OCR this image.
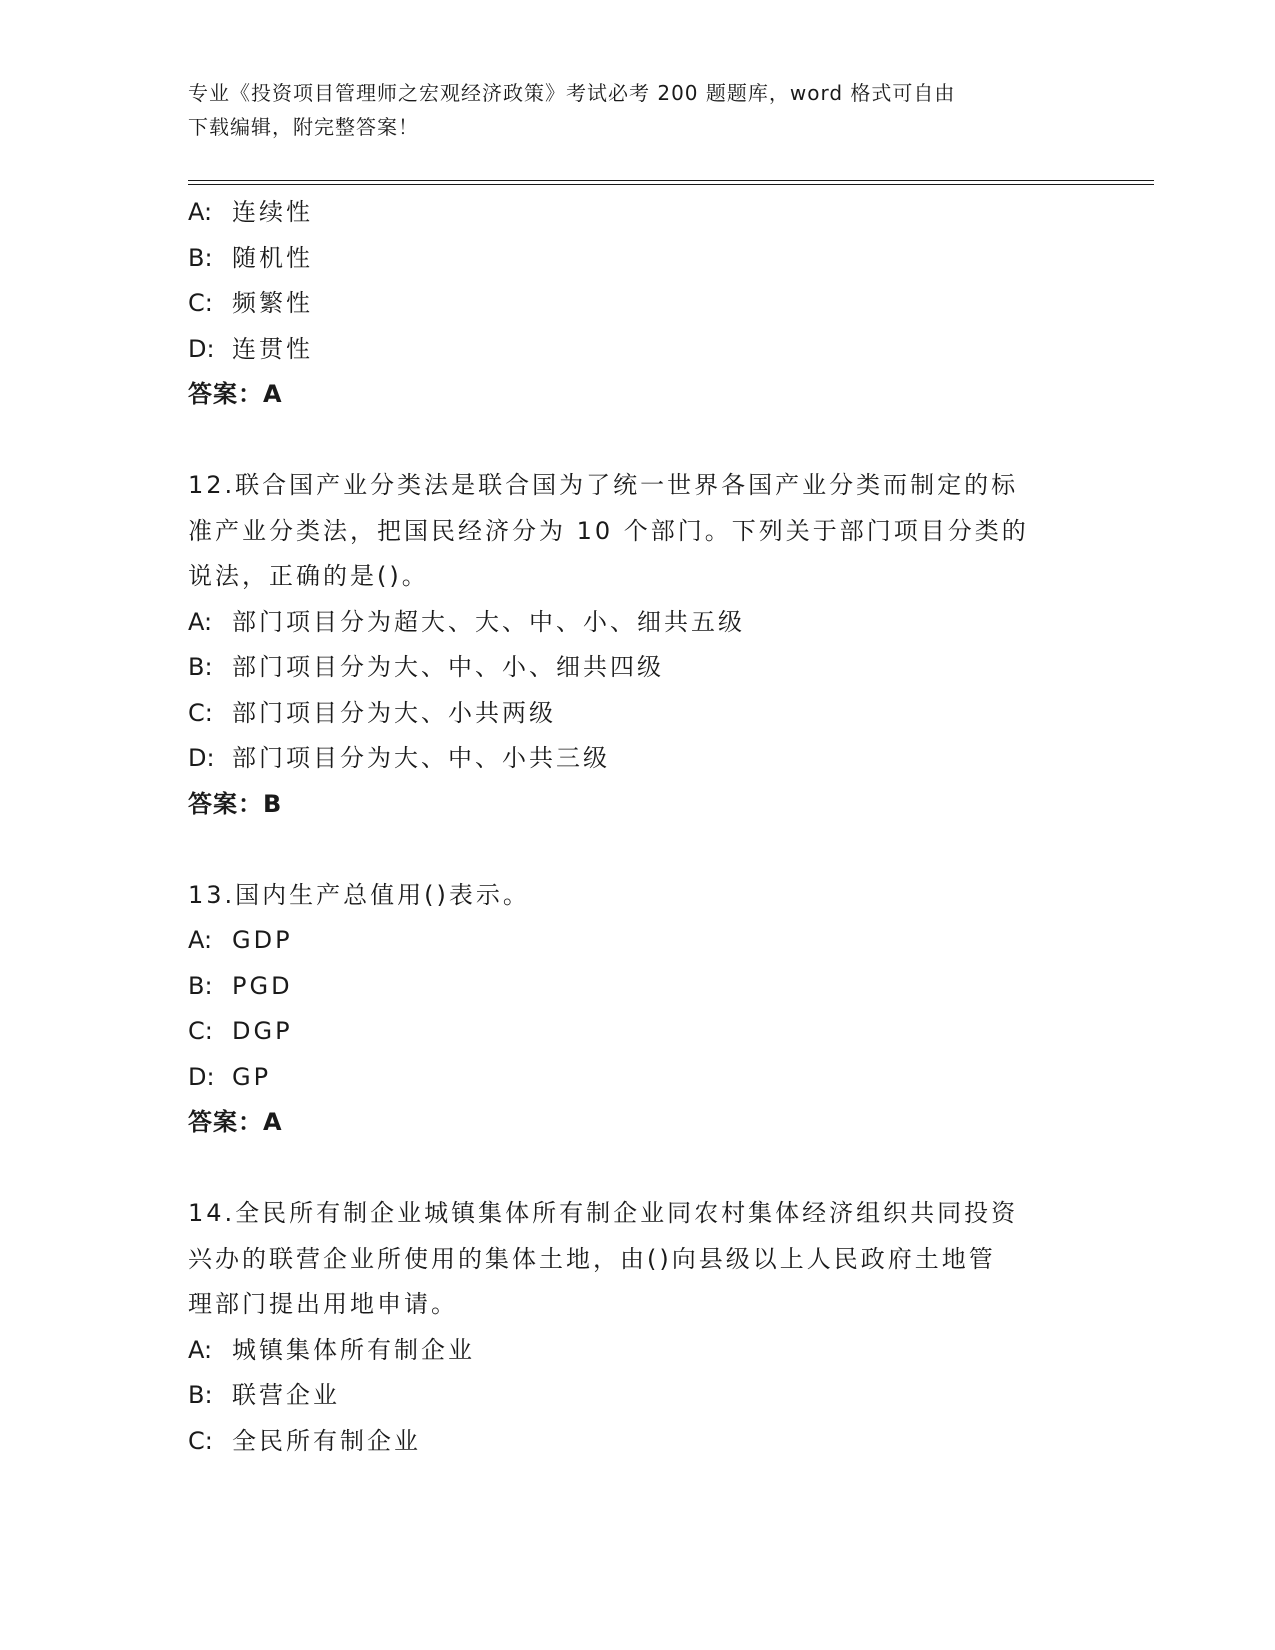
专业《投资项目管理师之宏观经济政策》考试必考 200 题题库，word 格式可自由
下载编辑，附完整答案！
A: 连续性
B: 随机性
C: 频繁性
D: 连贯性
答案：A
12.联合国产业分类法是联合国为了统一世界各国产业分类而制定的标
准产业分类法，把国民经济分为 10 个部门。下列关于部门项目分类的
说法，正确的是()。
A: 部门项目分为超大、大、中、小、细共五级
B: 部门项目分为大、中、小、细共四级
C: 部门项目分为大、小共两级
D: 部门项目分为大、中、小共三级
答案：B
13.国内生产总值用()表示。
A: GDP
B: PGD
C: DGP
D: GP
答案：A
14.全民所有制企业城镇集体所有制企业同农村集体经济组织共同投资
兴办的联营企业所使用的集体土地，由()向县级以上人民政府土地管
理部门提出用地申请。
A: 城镇集体所有制企业
B: 联营企业
C: 全民所有制企业
